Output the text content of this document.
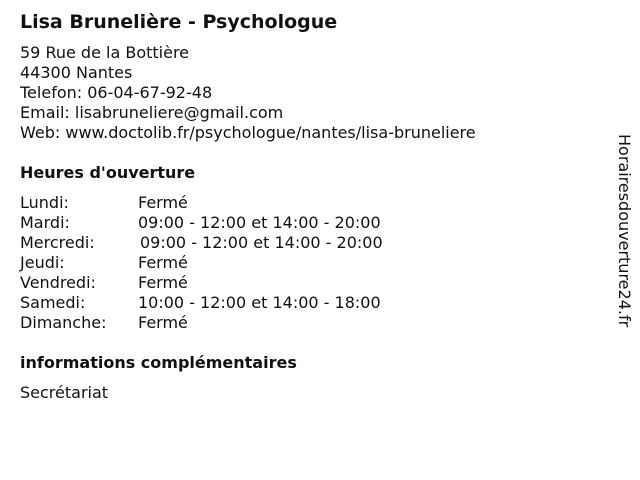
Lisa Brunelière - Psychologue
59 Rue de la Bottière
44300 Nantes
Telefon: 06-04-67-92-48
Email: lisabruneliere@gmail.com
Web: www.doctolib.fr/psychologue/nantes/lisa-bruneliere
Heures d'ouverture
Lundi:	Fermé
Mardi:	09:00 - 12:00 et 14:00 - 20:00
Mercredi:	09:00 - 12:00 et 14:00 - 20:00
Jeudi:	Fermé
Vendredi:	Fermé
Samedi:	10:00 - 12:00 et 14:00 - 18:00
Dimanche: Fermé
informations complémentaires
Secrétariat
Horairesdouverture24.fr
